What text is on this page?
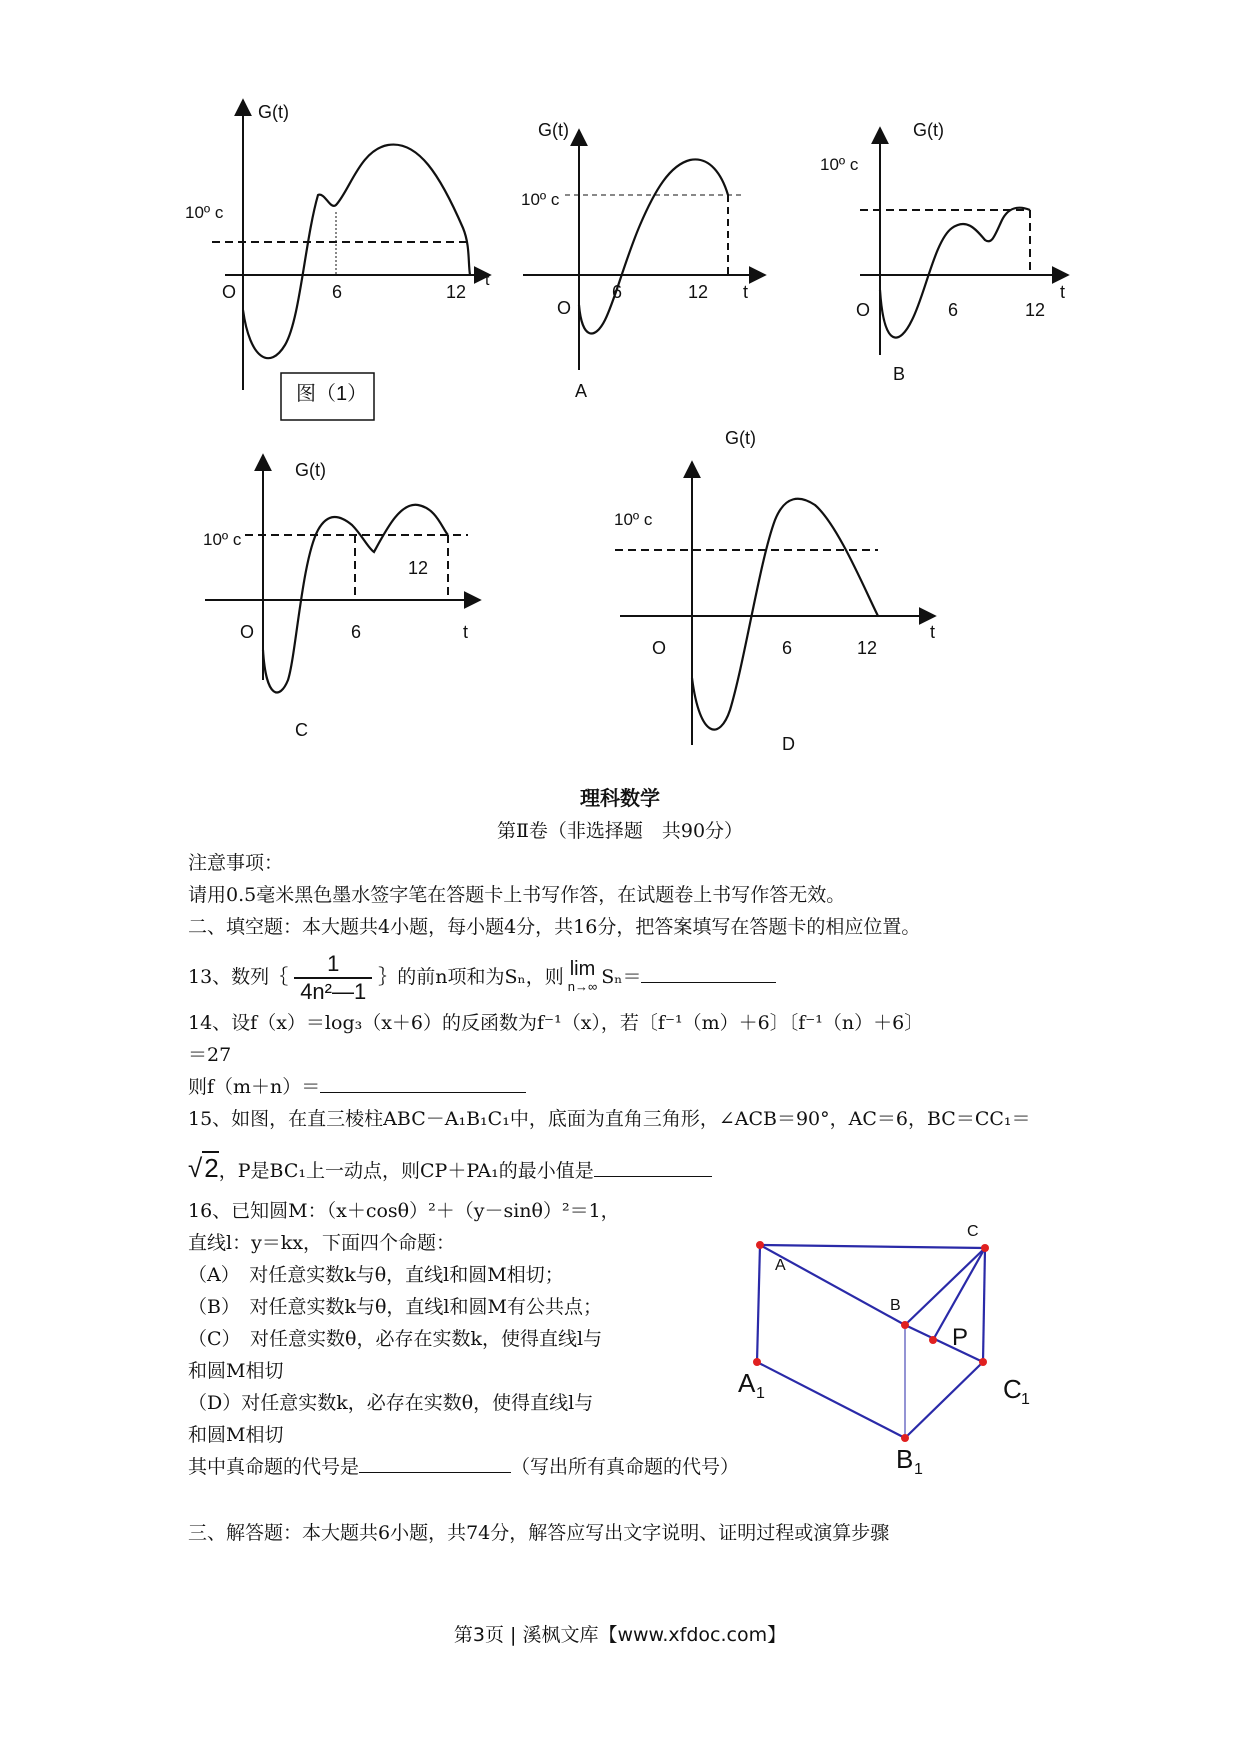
G(t)
10º c
O	6	12
t
图（1）
G(t)
10º c
O
6	12 t
A
G(t)
10º c
O	6	12
t
B
G(t)
10º c
12
O	6	t
C
G(t)
10º c
O	6	12
t
D
A
C
B
P
A 1	C 1
B 1
理科数学
第Ⅱ卷（非选择题　共90分）
注意事项：
请用0.5毫米黑色墨水签字笔在答题卡上书写作答，在试题卷上书写作答无效。
二、填空题：本大题共4小题，每小题4分，共16分，把答案填写在答题卡的相应位置。
13、数列｛ $\frac{1}{\text{4n²—1}}$ ｝的前n项和为Sₙ，则 lim
n→∞ Sₙ＝
14、设f（x）＝log₃（x＋6）的反函数为f⁻¹（x），若〔f⁻¹（m）＋6〕〔f⁻¹（n）＋6〕
＝27
则f（m＋n）＝
15、如图，在直三棱柱ABC－A₁B₁C₁中，底面为直角三角形，∠ACB＝90°，AC＝6，BC＝CC₁＝
√2，P是BC₁上一动点，则CP＋PA₁的最小值是
16、已知圆M：（x＋cosθ）²＋（y－sinθ）²＝1，
直线l：y＝kx，下面四个命题：
（A）　对任意实数k与θ，直线l和圆M相切；
（B）　对任意实数k与θ，直线l和圆M有公共点；
（C）　对任意实数θ，必存在实数k，使得直线l与
和圆M相切
（D）对任意实数k，必存在实数θ，使得直线l与
和圆M相切
其中真命题的代号是	（写出所有真命题的代号）
三、解答题：本大题共6小题，共74分，解答应写出文字说明、证明过程或演算步骤
第3页 | 溪枫文库【www.xfdoc.com】
